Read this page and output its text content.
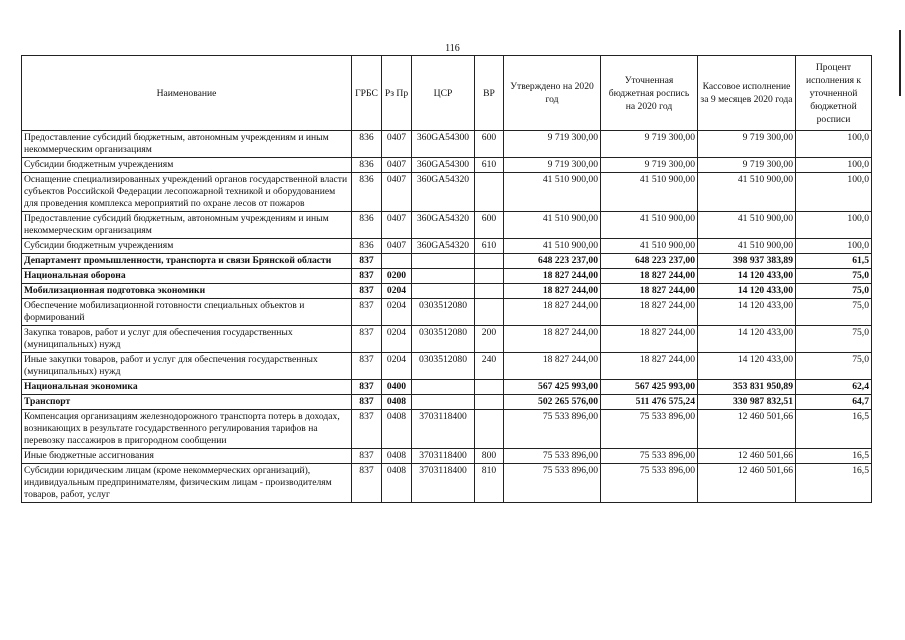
116
Наименование	ГРБС	Рз Пр	ЦСР	ВР	Утверждено на 2020 год	Уточненная бюджетная роспись на 2020 год	Кассовое исполнение за 9 месяцев 2020 года	Процент исполнения к уточненной бюджетной росписи
Предоставление субсидий бюджетным, автономным учреждениям и иным некоммерческим организациям	836	0407	360GA54300	600	9 719 300,00	9 719 300,00	9 719 300,00	100,0
Субсидии бюджетным учреждениям	836	0407	360GA54300	610	9 719 300,00	9 719 300,00	9 719 300,00	100,0
Оснащение специализированных учреждений органов государственной власти субъектов Российской Федерации лесопожарной техникой и оборудованием для проведения комплекса мероприятий по охране лесов от пожаров	836	0407	360GA54320		41 510 900,00	41 510 900,00	41 510 900,00	100,0
Предоставление субсидий бюджетным, автономным учреждениям и иным некоммерческим организациям	836	0407	360GA54320	600	41 510 900,00	41 510 900,00	41 510 900,00	100,0
Субсидии бюджетным учреждениям	836	0407	360GA54320	610	41 510 900,00	41 510 900,00	41 510 900,00	100,0
Департамент промышленности, транспорта и связи Брянской области	837				648 223 237,00	648 223 237,00	398 937 383,89	61,5
Национальная оборона	837	0200			18 827 244,00	18 827 244,00	14 120 433,00	75,0
Мобилизационная подготовка экономики	837	0204			18 827 244,00	18 827 244,00	14 120 433,00	75,0
Обеспечение мобилизационной готовности специальных объектов и формирований	837	0204	0303512080		18 827 244,00	18 827 244,00	14 120 433,00	75,0
Закупка товаров, работ и услуг для обеспечения государственных (муниципальных) нужд	837	0204	0303512080	200	18 827 244,00	18 827 244,00	14 120 433,00	75,0
Иные закупки товаров, работ и услуг для обеспечения государственных (муниципальных) нужд	837	0204	0303512080	240	18 827 244,00	18 827 244,00	14 120 433,00	75,0
Национальная экономика	837	0400			567 425 993,00	567 425 993,00	353 831 950,89	62,4
Транспорт	837	0408			502 265 576,00	511 476 575,24	330 987 832,51	64,7
Компенсация организациям железнодорожного транспорта потерь в доходах, возникающих в результате государственного регулирования тарифов на перевозку пассажиров в пригородном сообщении	837	0408	3703118400		75 533 896,00	75 533 896,00	12 460 501,66	16,5
Иные бюджетные ассигнования	837	0408	3703118400	800	75 533 896,00	75 533 896,00	12 460 501,66	16,5
Субсидии юридическим лицам (кроме некоммерческих организаций), индивидуальным предпринимателям, физическим лицам - производителям товаров, работ, услуг	837	0408	3703118400	810	75 533 896,00	75 533 896,00	12 460 501,66	16,5
